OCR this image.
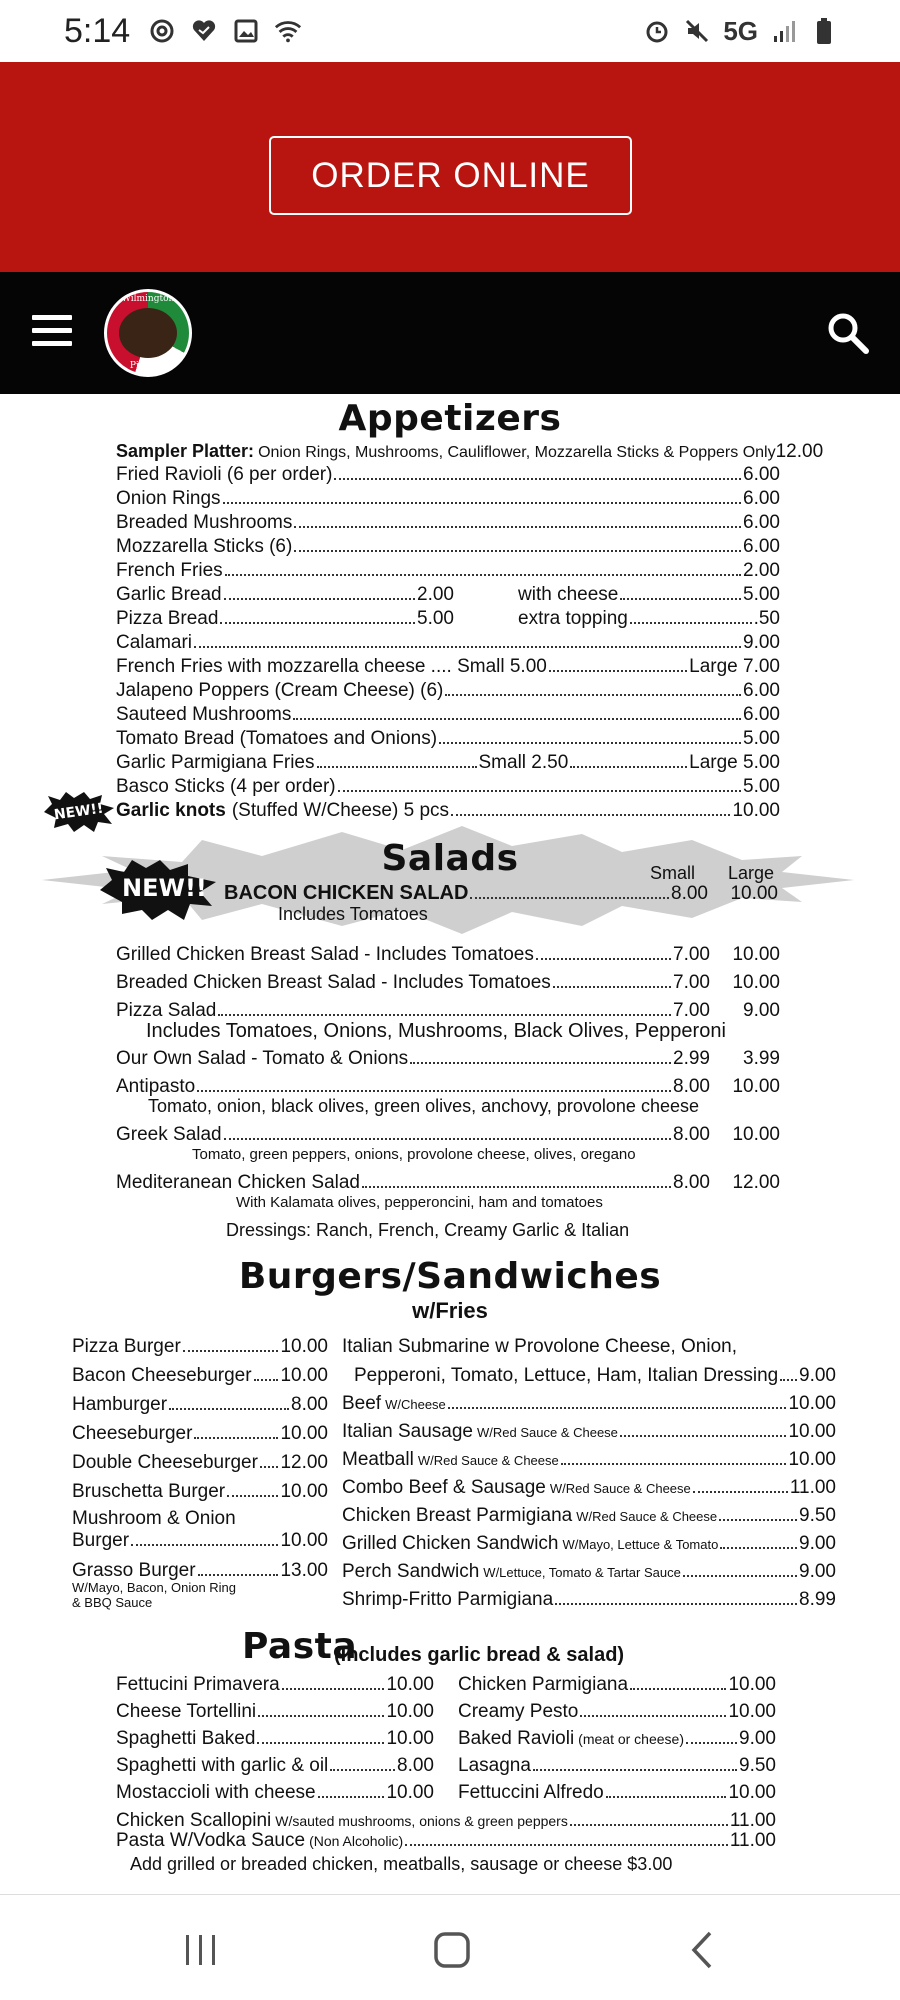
5:14	5G
ORDER ONLINE
Wilmington
Pizzaria
Appetizers
Sampler Platter: Onion Rings, Mushrooms, Cauliflower, Mozzarella Sticks & Poppers Only 12.00
Fried Ravioli (6 per order)	6.00
Onion Rings	6.00
Breaded Mushrooms	6.00
Mozzarella Sticks (6)	6.00
French Fries	2.00
Garlic Bread	2.00	with cheese	5.00
Pizza Bread	5.00	extra topping	.50
Calamari	9.00
French Fries with mozzarella cheese .... Small 5.00	Large 7.00
Jalapeno Poppers (Cream Cheese) (6)	6.00
Sauteed Mushrooms	6.00
Tomato Bread (Tomatoes and Onions)	5.00
Garlic Parmigiana Fries	Small 2.50	Large 5.00
Basco Sticks (4 per order)	5.00
NEW!! Garlic knots (Stuffed W/Cheese) 5 pcs	10.00
Salads	Small Large
NEW!! BACON CHICKEN SALAD	8.00	10.00
Includes Tomatoes
Grilled Chicken Breast Salad - Includes Tomatoes	7.00	10.00
Breaded Chicken Breast Salad - Includes Tomatoes	7.00	10.00
Pizza Salad	7.00	9.00
Includes Tomatoes, Onions, Mushrooms, Black Olives, Pepperoni
Our Own Salad - Tomato & Onions	2.99	3.99
Antipasto	8.00	10.00
Tomato, onion, black olives, green olives, anchovy, provolone cheese
Greek Salad	8.00	10.00
Tomato, green peppers, onions, provolone cheese, olives, oregano
Mediteranean Chicken Salad	8.00	12.00
With Kalamata olives, pepperoncini, ham and tomatoes
Dressings: Ranch, French, Creamy Garlic & Italian
Burgers/Sandwiches
w/Fries
Pizza Burger	10.00
Bacon Cheeseburger 10.00
Hamburger	8.00
Cheeseburger	10.00
Double Cheeseburger 12.00
Bruschetta Burger	10.00
Mushroom & Onion
Burger	10.00
Grasso Burger	13.00
W/Mayo, Bacon, Onion Ring
& BBQ Sauce
Italian Submarine w Provolone Cheese, Onion,
Pepperoni, Tomato, Lettuce, Ham, Italian Dressing 9.00
Beef W/Cheese	10.00
Italian Sausage W/Red Sauce & Cheese	10.00
Meatball W/Red Sauce & Cheese	10.00
Combo Beef & Sausage W/Red Sauce & Cheese	11.00
Chicken Breast Parmigiana W/Red Sauce & Cheese	9.50
Grilled Chicken Sandwich W/Mayo, Lettuce & Tomato	9.00
Perch Sandwich W/Lettuce, Tomato & Tartar Sauce	9.00
Shrimp-Fritto Parmigiana	8.99
Pasta
(Includes garlic bread & salad)
Fettucini Primavera	10.00
Cheese Tortellini	10.00
Spaghetti Baked	10.00
Spaghetti with garlic & oil	8.00
Mostaccioli with cheese	10.00
Chicken Parmigiana	10.00
Creamy Pesto	10.00
Baked Ravioli (meat or cheese)	9.00
Lasagna	9.50
Fettuccini Alfredo	10.00
Chicken Scallopini W/sauted mushrooms, onions & green peppers	11.00
Pasta W/Vodka Sauce (Non Alcoholic)	11.00
Add grilled or breaded chicken, meatballs, sausage or cheese $3.00
